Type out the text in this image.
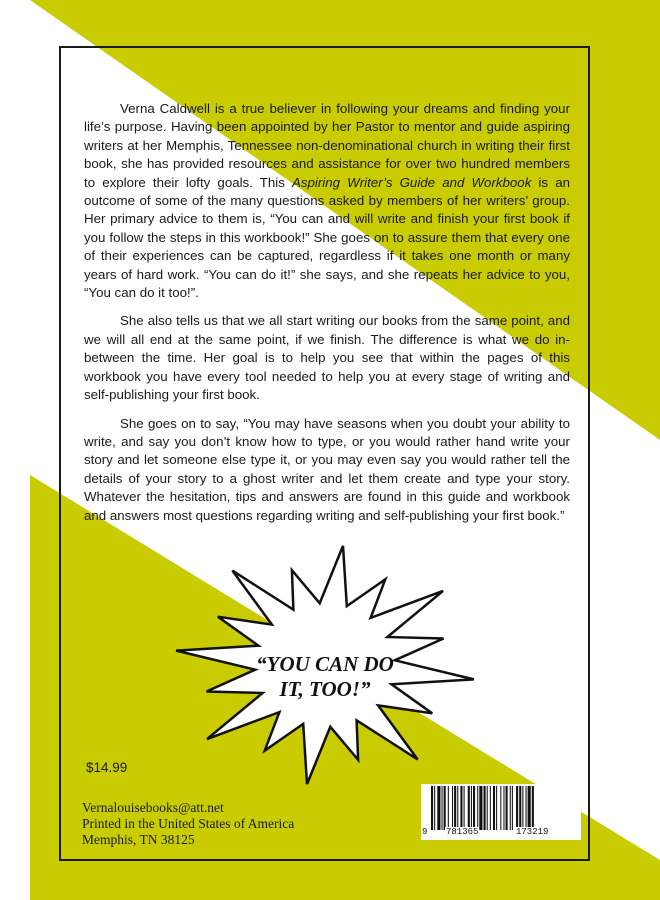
Verna Caldwell is a true believer in following your dreams and finding your life’s purpose. Having been appointed by her Pastor to mentor and guide aspiring writers at her Memphis, Tennessee non-denominational church in writing their first book, she has provided resources and assistance for over two hundred members to explore their lofty goals. This Aspiring Writer’s Guide and Workbook is an outcome of some of the many questions asked by members of her writers’ group. Her primary advice to them is, “You can and will write and finish your first book if you follow the steps in this workbook!” She goes on to assure them that every one of their experiences can be captured, regardless if it takes one month or many years of hard work. “You can do it!” she says, and she repeats her advice to you, “You can do it too!”.

She also tells us that we all start writing our books from the same point, and we will all end at the same point, if we finish. The difference is what we do in-between the time. Her goal is to help you see that within the pages of this workbook you have every tool needed to help you at every stage of writing and self-publishing your first book.

She goes on to say, “You may have seasons when you doubt your ability to write, and say you don’t know how to type, or you would rather hand write your story and let someone else type it, or you may even say you would rather tell the details of your story to a ghost writer and let them create and type your story. Whatever the hesitation, tips and answers are found in this guide and workbook and answers most questions regarding writing and self-publishing your first book.”

“YOU CAN DO
IT, TOO!”
$14.99
Vernalouisebooks@att.net
Printed in the United States of America
Memphis, TN 38125	9 781365	173219
